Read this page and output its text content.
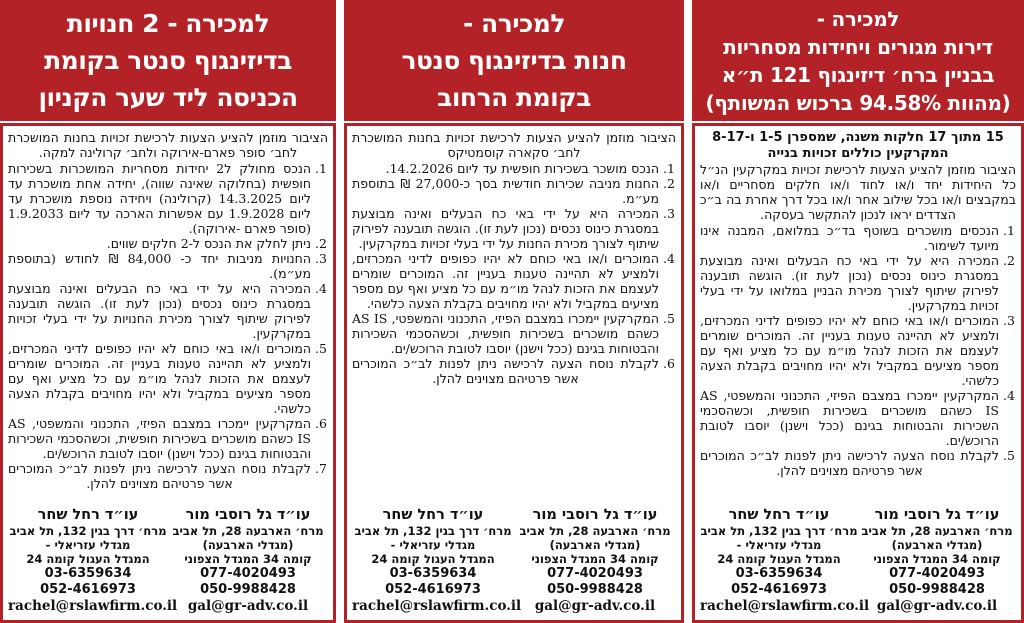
למכירה -
דירות מגורים ויחידות מסחריות
בבניין ברח׳ דיזינגוף 121 ת״א
(מהוות 94.58% ברכוש המשותף)
15 מתוך 17 חלקות משנה, שמספרן 1-5 ו-8-17
המקרקעין כוללים זכויות בנייה

הציבור מוזמן להציע הצעות לרכישת זכויות במקרקעין הנ״ל כל היחידות יחד ו/או לחוד ו/או חלקים מסחריים ו/או במקבצים ו/או בכל שילוב אחר ו/או בכל דרך אחרת בה ב״כ הצדדים יראו לנכון להתקשר בעסקה.

1. הנכסים מושכרים בשוטף בד״כ במלואם, המבנה אינו מיועד לשימור.
2. המכירה היא על ידי באי כח הבעלים ואינה מבוצעת במסגרת כינוס נכסים (נכון לעת זו). הוגשה תובענה לפירוק שיתוף לצורך מכירת הבניין במלואו על ידי בעלי זכויות במקרקעין.
3. המוכרים ו/או באי כוחם לא יהיו כפופים לדיני המכרזים, ולמציע לא תהיינה טענות בעניין זה. המוכרים שומרים לעצמם את הזכות לנהל מו״מ עם כל מציע ואף עם מספר מציעים במקביל ולא יהיו מחויבים בקבלת הצעה כלשהי.
4. המקרקעין יימכרו במצבם הפיזי, התכנוני והמשפטי, AS IS כשהם מושכרים בשכירות חופשית, וכשהסכמי השכירות והבטוחות בגינם (ככל וישנן) יוסבו לטובת הרוכש/ים.
5. לקבלת נוסח הצעה לרכישה ניתן לפנות לב״כ המוכרים אשר פרטיהם מצוינים להלן.
עו״ד גל רוסבי מור
מרח׳ הארבעה 28, תל אביב
(מגדלי הארבעה)
קומה 34 המגדל הצפוני
077-4020493
050-9988428
gal@gr-adv.co.il
עו״ד רחל שחר
מרח׳ דרך בגין 132, תל אביב
מגדלי עזריאלי -
המגדל העגול קומה 24
03-6359634
052-4616973
rachel@rslawfirm.co.il
למכירה -
חנות בדיזינגוף סנטר
בקומת הרחוב

הציבור מוזמן להציע הצעות לרכישת זכויות בחנות המושכרת לחב׳ סקארה קוסמטיקס

1. הנכס מושכר בשכירות חופשית עד ליום 14.2.2026.
2. החנות מניבה שכירות חודשית בסך כ-27,000 ₪ בתוספת מע״מ.
3. המכירה היא על ידי באי כח הבעלים ואינה מבוצעת במסגרת כינוס נכסים (נכון לעת זו). הוגשה תובענה לפירוק שיתוף לצורך מכירת החנות על ידי בעלי זכויות במקרקעין.
4. המוכרים ו/או באי כוחם לא יהיו כפופים לדיני המכרזים, ולמציע לא תהיינה טענות בעניין זה. המוכרים שומרים לעצמם את הזכות לנהל מו״מ עם כל מציע ואף עם מספר מציעים במקביל ולא יהיו מחויבים בקבלת הצעה כלשהי.
5. המקרקעין יימכרו במצבם הפיזי, התכנוני והמשפטי, AS IS כשהם מושכרים בשכירות חופשית, וכשהסכמי השכירות והבטוחות בגינם (ככל וישנן) יוסבו לטובת הרוכש/ים.
6. לקבלת נוסח הצעה לרכישה ניתן לפנות לב״כ המוכרים אשר פרטיהם מצוינים להלן.
עו״ד גל רוסבי מור
מרח׳ הארבעה 28, תל אביב
(מגדלי הארבעה)
קומה 34 המגדל הצפוני
077-4020493
050-9988428
gal@gr-adv.co.il
עו״ד רחל שחר
מרח׳ דרך בגין 132, תל אביב
מגדלי עזריאלי -
המגדל העגול קומה 24
03-6359634
052-4616973
rachel@rslawfirm.co.il
למכירה - 2 חנויות
בדיזינגוף סנטר בקומת
הכניסה ליד שער הקניון

הציבור מוזמן להציע הצעות לרכישת זכויות בחנות המושכרת לחב׳ סופר פארם-אירוקה ולחב׳ קרולינה למקה.

1. הנכס מחולק ל2 יחידות מסחריות המושכרות בשכירות חופשית (בחלוקה שאינה שווה), יחידה אחת מושכרת עד ליום 14.3.2025 (קרולינה) ויחידה נוספת מושכרת עד ליום 1.9.2028 עם אפשרות הארכה עד ליום 1.9.2033 (סופר פארם -אירוקה).
2. ניתן לחלק את הנכס ל-2 חלקים שווים.
3. החנויות מניבות יחד כ- 84,000 ₪ לחודש (בתוספת מע״מ).
4. המכירה היא על ידי באי כח הבעלים ואינה מבוצעת במסגרת כינוס נכסים (נכון לעת זו). הוגשה תובענה לפירוק שיתוף לצורך מכירת החנויות על ידי בעלי זכויות במקרקעין.
5. המוכרים ו/או באי כוחם לא יהיו כפופים לדיני המכרזים, ולמציע לא תהיינה טענות בעניין זה. המוכרים שומרים לעצמם את הזכות לנהל מו״מ עם כל מציע ואף עם מספר מציעים במקביל ולא יהיו מחויבים בקבלת הצעה כלשהי.
6. המקרקעין יימכרו במצבם הפיזי, התכנוני והמשפטי, AS IS כשהם מושכרים בשכירות חופשית, וכשהסכמי השכירות והבטוחות בגינם (ככל וישנן) יוסבו לטובת הרוכש/ים.
7. לקבלת נוסח הצעה לרכישה ניתן לפנות לב״כ המוכרים אשר פרטיהם מצוינים להלן.
עו״ד גל רוסבי מור
מרח׳ הארבעה 28, תל אביב
(מגדלי הארבעה)
קומה 34 המגדל הצפוני
077-4020493
050-9988428
gal@gr-adv.co.il
עו״ד רחל שחר
מרח׳ דרך בגין 132, תל אביב
מגדלי עזריאלי -
המגדל העגול קומה 24
03-6359634
052-4616973
rachel@rslawfirm.co.il
